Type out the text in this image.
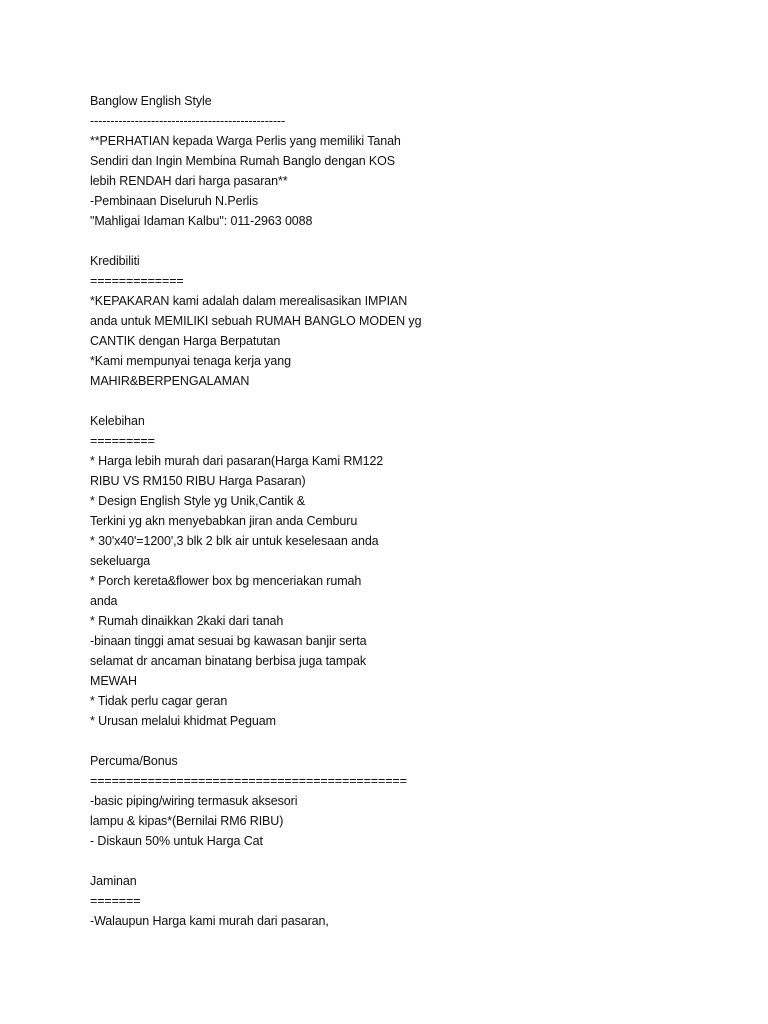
Banglow English Style
------------------------------------------------
**PERHATIAN kepada Warga Perlis yang memiliki Tanah
Sendiri dan Ingin Membina Rumah Banglo dengan KOS
lebih RENDAH dari harga pasaran**
-Pembinaan Diseluruh N.Perlis
"Mahligai Idaman Kalbu": 011-2963 0088
Kredibiliti
=============
*KEPAKARAN kami adalah dalam merealisasikan IMPIAN
anda untuk MEMILIKI sebuah RUMAH BANGLO MODEN yg
CANTIK dengan Harga Berpatutan
*Kami mempunyai tenaga kerja yang
MAHIR&BERPENGALAMAN
Kelebihan
=========
* Harga lebih murah dari pasaran(Harga Kami RM122
RIBU VS RM150 RIBU Harga Pasaran)
* Design English Style yg Unik,Cantik &
Terkini yg akn menyebabkan jiran anda Cemburu
* 30'x40'=1200',3 blk 2 blk air untuk keselesaan anda
sekeluarga
* Porch kereta&flower box bg menceriakan rumah
anda
* Rumah dinaikkan 2kaki dari tanah
-binaan tinggi amat sesuai bg kawasan banjir serta
selamat dr ancaman binatang berbisa juga tampak
MEWAH
* Tidak perlu cagar geran
* Urusan melalui khidmat Peguam
Percuma/Bonus
============================================
-basic piping/wiring termasuk aksesori
lampu & kipas*(Bernilai RM6 RIBU)
- Diskaun 50% untuk Harga Cat
Jaminan
=======
-Walaupun Harga kami murah dari pasaran,
